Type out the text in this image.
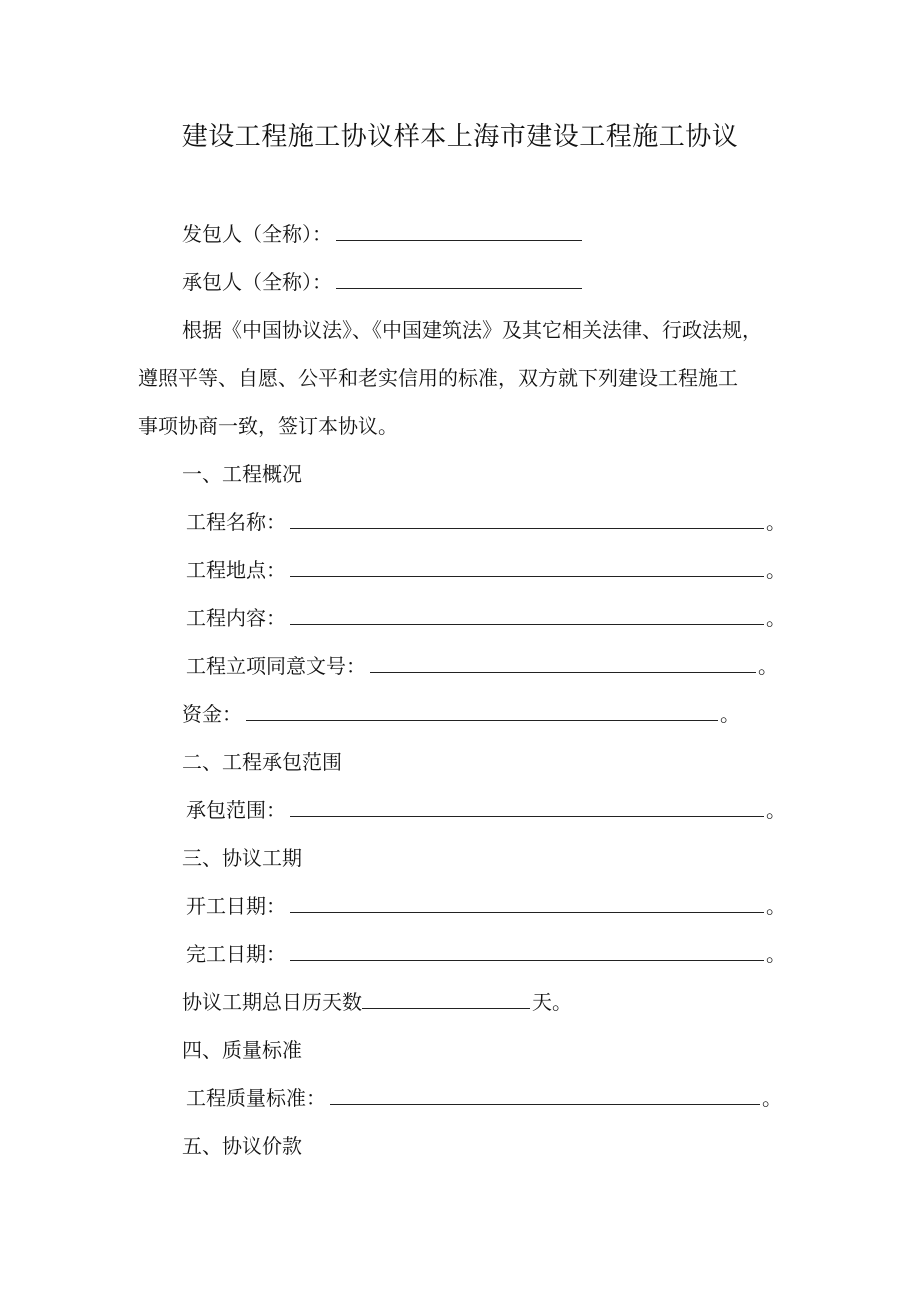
建设工程施工协议样本上海市建设工程施工协议
发包人（全称）：
承包人（全称）：
根据《中国协议法》、《中国建筑法》及其它相关法律、行政法规，
遵照平等、自愿、公平和老实信用的标准，双方就下列建设工程施工
事项协商一致，签订本协议。
一、工程概况
工程名称：	。
工程地点：	。
工程内容：	。
工程立项同意文号：	。
资金：	。
二、工程承包范围
承包范围：	。
三、协议工期
开工日期：	。
完工日期：	。
协议工期总日历天数	天。
四、质量标准
工程质量标准：	。
五、协议价款
